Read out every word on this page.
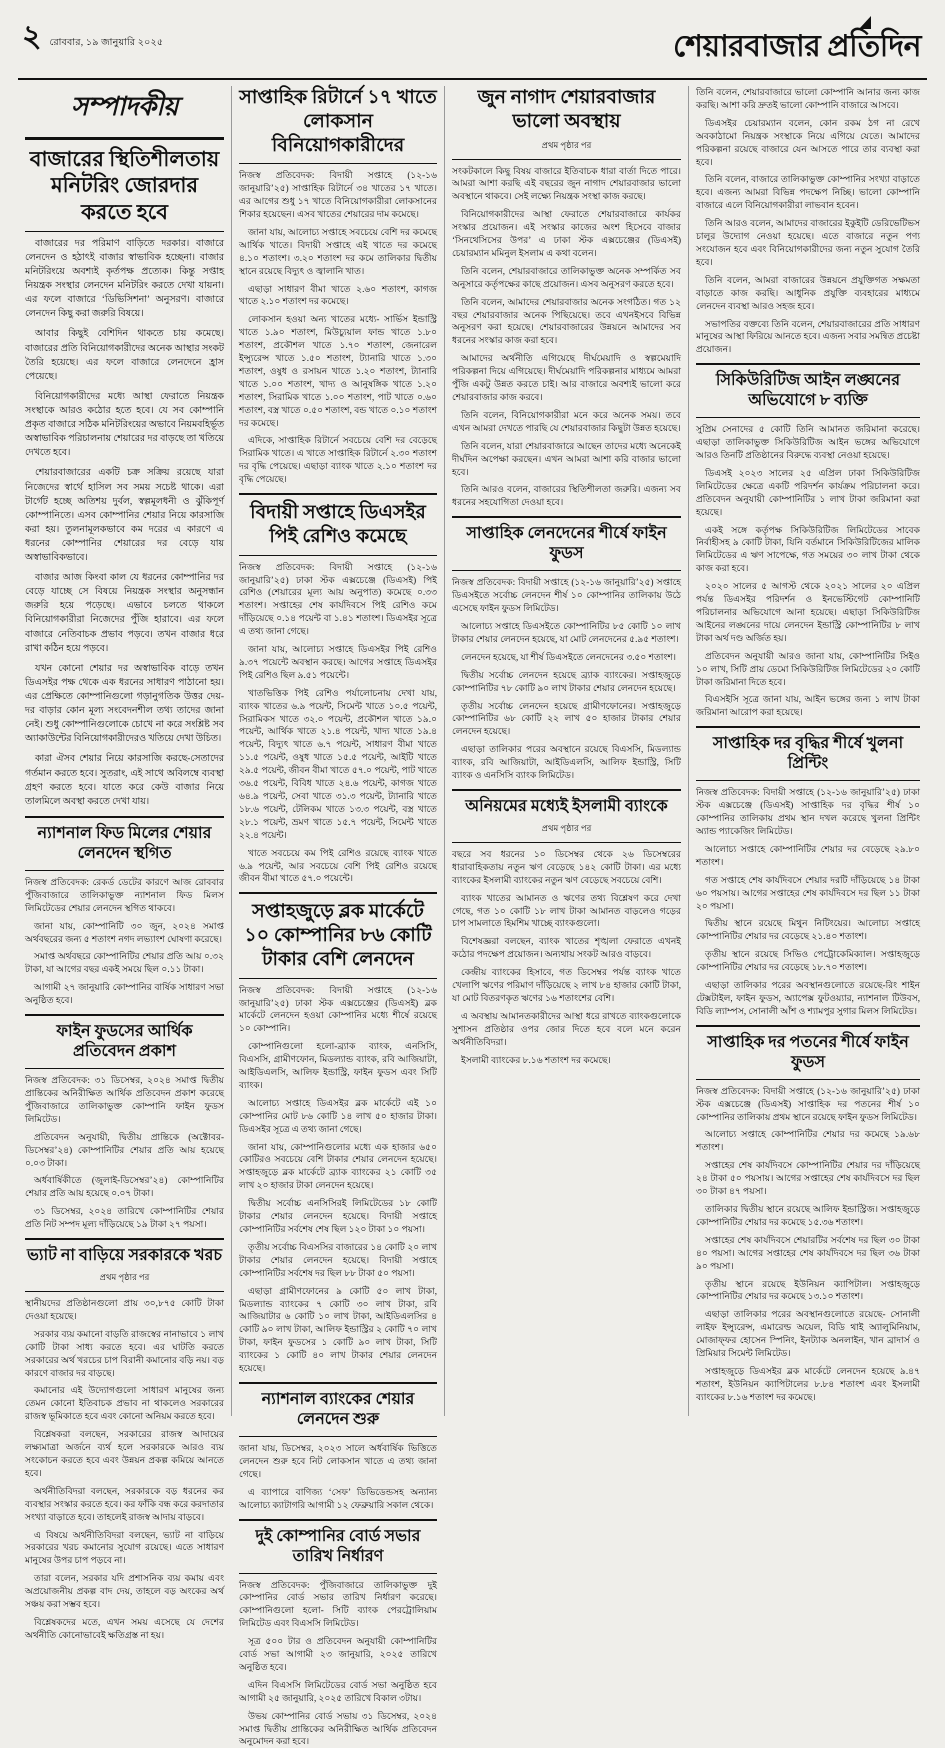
২ রোববার, ১৯ জানুয়ারি ২০২৫	শেয়ারবাজার প্রতিদিন
সম্পাদকীয়
বাজারের স্থিতিশীলতায় মনিটরিং জোরদার করতে হবে

বাজারের দর পরিমাণ বাড়িতে দরকার। বাজারে লেনদেন ও হঠাৎই বাজার স্বাভাবিক হচ্ছেনা। বাজার মনিটরিংয়ে অবশ্যই ‍কৃর্তপক্ষ প্রত্যেক। কিন্তু সপ্তাহ নিয়ন্ত্রক সংস্থার লেনদেন মনিটরিং করতে দেখা যায়না। এর ফলে বাজারে ‘ডিভিসিশনা’ অনুসরণ। বাজারে লেনদেন কিছু করা জরুরি বিষয়ে।

আবার কিছুই বেশিদিন থাকতে চায় কমেছে। বাজারের প্রতি বিনিয়োগকারীদের অনেক আস্থার সংকট তৈরি হয়েছে। এর ফলে বাজারে লেনদেনে হ্রাস পেয়েছে।

বিনিয়োগকারীদের মধ্যে আস্থা ফেরাতে নিয়ন্ত্রক সংস্থাকে আরও কঠোর হতে হবে। যে সব কোম্পানি প্রকৃত বাজারে সঠিক মনিটরিংয়ের অভাবে নিয়মবহির্ভূত অস্বাভাবিক পরিচালনায় শেয়ারের দর বাড়ছে তা খতিয়ে দেখতে হবে।

শেয়ারবাজারের একটি চক্র সক্রিয় রয়েছে যারা নিজেদের স্বার্থে হাসিল সব সময় সচেষ্ট থাকে। এরা টার্গেট হচ্ছে অতিশয় দুর্বল, স্বল্পমূলধনী ও ঝুঁকিপূর্ণ কোম্পানিতে। এসব কোম্পানির শেয়ার নিয়ে কারসাজি করা হয়। তুলনামূলকভাবে কম দরের এ কারণে এ ধরনের কোম্পানির শেয়ারের দর বেড়ে যায় অস্বাভাবিকভাবে।

বাজার আজ কিংবা কাল যে ধরনের কোম্পানির দর বেড়ে যাচ্ছে সে বিষয়ে নিয়ন্ত্রক সংস্থার অনুসন্ধান জরুরি হয়ে পড়েছে। এভাবে চলতে থাকলে বিনিয়োগকারীরা নিজেদের পুঁজি হারাবে। এর ফলে বাজারে নেতিবাচক প্রভাব পড়বে। তখন বাজার ধরে রাখা কঠিন হয়ে পড়বে।

যখন কোনো শেয়ার দর অস্বাভাবিক বাড়ে তখন ডিএসইর পক্ষ থেকে এক ধরনের সাধারণ পাঠানো হয়। এর প্রেক্ষিতে কোম্পানিগুলো গড়ানুগতিক উত্তর দেয়-দর বাড়ার কোন মূল্য সংবেদনশীল তথ্য তাদের জানা নেই। শুধু কোম্পানিগুলোকে চোখে না করে সংশ্লিষ্ট সব অ্যাকাউন্টের বিনিয়োগকারীদেরও খতিয়ে দেখা উচিত।

কারা ঐসব শেয়ার নিয়ে কারসাজি করছে-সেতাদের গর্তমান করতে হবে। সুতরাং, এই সাথে অবিলম্বে ব্যবস্থা গ্রহণ করতে হবে। যাতে করে কেউ বাজার নিয়ে তালমিলে অবস্থা করতে দেখা যায়।

ন্যাশনাল ফিড মিলের শেয়ার লেনদেন স্থগিত

নিজস্ব প্রতিবেদক: রেকর্ড ডেটের কারণে আজ রোববার পুঁজিবাজারে তালিকাভুক্ত ন্যাশনাল ফিড মিলস লিমিটেডের শেয়ার লেনদেন স্থগিত থাকবে।

জানা যায়, কোম্পানিটি ৩০ জুন, ২০২৪ সমাপ্ত অর্থবছরের জন্য ৫ শতাংশ নগদ লভ্যাংশ ঘোষণা করেছে।

সমাপ্ত অর্থবছরে কোম্পানিটির শেয়ার প্রতি আয় ০.৩২ টাকা, যা আগের বছর একই সময়ে ছিল ০.১১ টাকা।

আগামী ২৭ জানুয়ারি কোম্পানির বার্ষিক সাধারণ সভা অনুষ্ঠিত হবে।

ফাইন ফুডসের আর্থিক প্রতিবেদন প্রকাশ

নিজস্ব প্রতিবেদক: ৩১ ডিসেম্বর, ২০২৪ সমাপ্ত দ্বিতীয় প্রান্তিকের অনিরীক্ষিত আর্থিক প্রতিবেদন প্রকাশ করেছে পুঁজিবাজারে তালিকাভুক্ত কোম্পানি ফাইন ফুডস লিমিটেড।

প্রতিবেদন অনুযায়ী, দ্বিতীয় প্রান্তিকে (অক্টোবর-ডিসেম্বর’২৪) কোম্পানিটির শেয়ার প্রতি আয় হয়েছে ০.০৩ টাকা।

অর্ধবার্ষিকীতে (জুলাই-ডিসেম্বর’২৪) কোম্পানিটির শেয়ার প্রতি আয় হয়েছে ০.০৭ টাকা।

৩১ ডিসেম্বর, ২০২৪ তারিখে কোম্পানিটির শেয়ার প্রতি নিট সম্পদ মূল্য দাঁড়িয়েছে ১৯ টাকা ২৭ পয়সা।

ভ্যাট না বাড়িয়ে সরকারকে খরচ
প্রথম পৃষ্ঠার পর

স্থানীয়দের প্রতিষ্ঠানগুলো প্রায় ৩০,৮৭৫ কোটি টাকা দেওয়া হয়েছে।

সরকার ব্যয় কমানো বাড়তি রাজস্বের নানাভাবে ১ লাখ কোটি টাকা সাধ্য করতে হবে। এর ঘাটতি করতে সরকারের অর্থ খরচের চাপ বিরানী কমানোর বড়ি নয়। বড় কারণে বাজার দর বাড়ছে।

কমানোর এই উদ্যোগগুলো সাধারণ মানুষের জন্য তেমন কোনো ইতিবাচক প্রভাব না থাকলেও সরকারের রাজস্ব ভূমিকাতে হবে এবং কোনো অনিয়ম করতে হবে।

বিশ্লেষকরা বলছেন, সরকারের রাজস্ব আদায়ের লক্ষ্যমাত্রা অর্জনে ব্যর্থ হলে সরকারকে আরও ব্যয় সংকোচন করতে হবে এবং উন্নয়ন প্রকল্প কমিয়ে আনতে হবে।

অর্থনীতিবিদরা বলছেন, সরকারকে বড় ধরনের কর ব্যবস্থার সংস্কার করতে হবে। কর ফাঁকি বন্ধ করে করদাতার সংখ্যা বাড়াতে হবে। তাহলেই রাজস্ব আদায় বাড়বে।

এ বিষয়ে অর্থনীতিবিদরা বলছেন, ভ্যাট না বাড়িয়ে সরকারের খরচ কমানোর সুযোগ রয়েছে। এতে সাধারণ মানুষের উপর চাপ পড়বে না।

তারা বলেন, সরকার যদি প্রশাসনিক ব্যয় কমায় এবং অপ্রয়োজনীয় প্রকল্প বাদ দেয়, তাহলে বড় অংকের অর্থ সঞ্চয় করা সম্ভব হবে।

বিশ্লেষকদের মতে, এখন সময় এসেছে যে দেশের অর্থনীতি কোনোভাবেই ক্ষতিগ্রস্ত না হয়।

সাপ্তাহিক রিটার্নে ১৭ খাতে লোকসান বিনিয়োগকারীদের

নিজস্ব প্রতিবেদক: বিদায়ী সপ্তাহে (১২-১৬ জানুয়ারি’২৫) সাপ্তাহিক রিটার্নে ৩৪ খাতের ১৭ খাতে। এর আগের ‌‌শুধু ১৭ খাতে বিনিয়োগকারীরা লোকসানের শিকার হয়েছেন। এসব খাতের শেয়ারের দাম কমেছে।

জানা যায়, আলোচ্য সপ্তাহে সবচেয়ে বেশি দর কমেছে আর্থিক খাতে। বিদায়ী সপ্তাহে এই খাতে দর কমেছে ৪.১০ শতাংশ। ৩.২০ শতাংশ দর কমে তালিকার দ্বিতীয় স্থানে রয়েছে বিদ্যুৎ ও জ্বালানি খাত।

এছাড়া সাধারণ বীমা খাতে ২.৬০ শতাংশ, কাগজ খাতে ২.১০ শতাংশ দর কমেছে।

লোকসান হওয়া অন্য খাতের মধ্যে- সার্ভিস ইন্ডাস্ট্রি খাতে ১.৯০ শতাংশ, মিউচ্যুয়াল ফান্ড খাতে ১.৮০ শতাংশ, প্রকৌশল খাতে ১.৭০ শতাংশ, জেনারেল ইন্স্যুরেন্স খাতে ১.৫০ শতাংশ, ট্যানারি খাতে ১.৩০ শতাংশ, ওষুধ ও রসায়ন খাতে ১.২০ শতাংশ, ট্যানারি খাতে ১.০০ শতাংশ, খাদ্য ও আনুষঙ্গিক খাতে ১.২০ শতাংশ, সিরামিক খাতে ১.০০ শতাংশ, পাট খাতে ০.৬০ শতাংশ, বস্ত্র খাতে ০.৫০ শতাংশ, বন্ড খাতে ০.১০ শতাংশ দর কমেছে।

এদিকে, সাপ্তাহিক রিটার্নে সবচেয়ে বেশি দর বেড়েছে সিরামিক খাতে। এ খাতে সাপ্তাহিক রিটার্নে ২.৩০ শতাংশ দর বৃদ্ধি পেয়েছে। এছাড়া ব্যাংক খাতে ২.১০ শতাংশ দর বৃদ্ধি পেয়েছে।

বিদায়ী সপ্তাহে ডিএসইর পিই রেশিও কমেছে

নিজস্ব প্রতিবেদক: বিদায়ী সপ্তাহে (১২-১৬ জানুয়ারি’২৫) ঢাকা স্টক এক্সচেঞ্জে (ডিএসই) পিই রেশিও (শেয়ারের মূল্য আয় অনুপাত) কমেছে ০.৩৩ শতাংশ। সপ্তাহের শেষ কার্যদিবসে পিই রেশিও কমে দাঁড়িয়েছে ০.১৪ পয়েন্ট বা ১.৪১ শতাংশ। ডিএসইর সূত্রে এ তথ্য জানা গেছে।

জানা যায়, আলোচ্য সপ্তাহে ডিএসইর পিই রেশিও ৯.৩৭ পয়েন্টে অবস্থান করছে। আগের সপ্তাহে ডিএসইর পিই রেশিও ছিল ৯.৫১ পয়েন্টে।

খাতভিত্তিক পিই রেশিও পর্যালোচনায় দেখা যায়, ব্যাংক খাতের ৬.৯ পয়েন্ট, সিমেন্ট খাতে ১০.৫ পয়েন্ট, সিরামিকস খাতে ৩২.০ পয়েন্ট, প্রকৌশল খাতে ১৯.০ পয়েন্ট, আর্থিক খাতে ২১.৪ পয়েন্ট, খাদ্য খাতে ১৯.৪ পয়েন্ট, বিদ্যুৎ খাতে ৬.৭ পয়েন্ট, সাধারণ বীমা খাতে ১১.৫ পয়েন্ট, ওষুধ খাতে ১৫.৫ পয়েন্ট, আইটি খাতে ২৯.৫ পয়েন্ট, জীবন বীমা খাতে ৫৭.০ পয়েন্ট, পাট খাতে ৩৬.৫ পয়েন্ট, বিবিধ খাতে ২৪.৬ পয়েন্ট, কাগজ খাতে ৬৪.৯ পয়েন্ট, সেবা খাতে ৩১.৩ পয়েন্ট, ট্যানারি খাতে ১৮.৬ পয়েন্ট, টেলিকম খাতে ১৩.৩ পয়েন্ট, বস্ত্র খাতে ২৮.১ পয়েন্ট, ভ্রমণ খাতে ১৫.৭ পয়েন্ট, সিমেন্ট খাতে ২২.৪ পয়েন্ট।

খাতে সবচেয়ে কম পিই রেশিও রয়েছে ব্যাংক খাতে ৬.৯ পয়েন্ট, আর সবচেয়ে বেশি পিই রেশিও রয়েছে জীবন বীমা খাতে ৫৭.০ পয়েন্টে।

সপ্তাহজুড়ে ব্লক মার্কেটে ১০ কোম্পানির ৮৬ কোটি টাকার বেশি লেনদেন

নিজস্ব প্রতিবেদক: বিদায়ী সপ্তাহে (১২-১৬ জানুয়ারি’২৫) ঢাকা স্টক এক্সচেঞ্জের (ডিএসই) ব্লক মার্কেটে লেনদেন হওয়া কোম্পানির মধ্যে শীর্ষে রয়েছে ১০ কোম্পানি।

কোম্পানিগুলো হলো-ব্র্যাক ব্যাংক, এনসিসি, বিএসসি, গ্রামীণফোন, মিডল্যান্ড ব্যাংক, রবি আজিয়াটা, আইডিএলসি, আলিফ ইন্ডাস্ট্রি, ফাইন ফুডস এবং সিটি ব্যাংক।

আলোচ্য সপ্তাহে ডিএসইর ব্লক মার্কেটে এই ১০ কোম্পানির মোট ৮৬ কোটি ১৪ লাখ ৫০ হাজার টাকা। ডিএসইর সূত্রে এ তথ্য জানা গেছে।

জানা যায়, কোম্পানিগুলোর মধ্যে এক হাজার ৬৫০ কোটিরও সবচেয়ে বেশি টাকার শেয়ার লেনদেন হয়েছে। সপ্তাহজুড়ে ব্লক মার্কেটে ব্র্যাক ব্যাংকের ২১ কোটি ৩৫ লাখ ২০ হাজার টাকা লেনদেন হয়েছে।

দ্বিতীয় সর্বোচ্চ এনসিসিরই লিমিটেডের ১৮ কোটি টাকার শেয়ার লেনদেন হয়েছে। বিদায়ী সপ্তাহে কোম্পানিটির সর্বশেষ শেষ ছিল ১২০ টাকা ১০ পয়সা।

তৃতীয় সর্বোচ্চ বিএসসির বাজারের ১৪ কোটি ২০ লাখ টাকার শেয়ার লেনদেন হয়েছে। বিদায়ী সপ্তাহে কোম্পানিটির সর্বশেষ দর ছিল ৮৮ টাকা ৫০ পয়সা।

এছাড়া গ্রামীণফোনের ৯ কোটি ৫০ লাখ টাকা, মিডল্যান্ড ব্যাংকের ৭ কোটি ৩০ লাখ টাকা, রবি আজিয়াটার ৬ কোটি ১০ লাখ টাকা, আইডিএলসির ৪ কোটি ৯০ লাখ টাকা, আলিফ ইন্ডাস্ট্রির ২ কোটি ৭০ লাখ টাকা, ফাইন ফুডসের ১ কোটি ৯০ লাখ টাকা, সিটি ব্যাংকের ১ কোটি ৪০ লাখ টাকার শেয়ার লেনদেন হয়েছে।

ন্যাশনাল ব্যাংকের শেয়ার লেনদেন শুরু

জানা যায়, ডিসেম্বর, ২০২৩ সালে অর্ধবার্ষিক ভিত্তিতে লেনদেন শুরু হবে ‍‍নিট লোকসান খাতে এ তথ্য জানা গেছে।

এ ব্যাপারে বাণিজ্য ‘সেফ’ ডিভিডেন্ডসহ অন্যান্য আলোচ্য ক্যাটাগরি আগামী ১২ ফেব্রুয়ারি সকাল থেকে।

দুই কোম্পানির বোর্ড সভার তারিখ নির্ধারণ

নিজস্ব প্রতিবেদক: পুঁজিবাজারে তালিকাভুক্ত দুই কোম্পানির বোর্ড সভার তারিখ নির্ধারণ করেছে। কোম্পানিগুলো হলো- সিটি ব্যাংক পেরট্রোলিয়াম লিমিটেড এবং বিএসসি লিমিটেড।

সূত্র ৫০০ টার ও প্রতিবেদন অনুযায়ী কোম্পানিটির বোর্ড সভা আগামী ২৩ জানুয়ারি, ২০২৫ তারিখে অনুষ্ঠিত হবে।

এদিন বিএসসি লিমিটেডের বোর্ড সভা অনুষ্ঠিত হবে আগামী ২৫ জানুয়ারি, ২০২৫ তারিখে বিকাল ৩টায়।

উভয় কোম্পানির বোর্ড সভায় ৩১ ডিসেম্বর, ২০২৪ সমাপ্ত দ্বিতীয় প্রান্তিকের অনিরীক্ষিত আর্থিক প্রতিবেদন অনুমোদন করা হবে।

জুন নাগাদ শেয়ারবাজার ভালো অবস্থায়
প্রথম পৃষ্ঠার পর

সংকটকালে কিছু বিষয় বাজারে ইতিবাচক ধারা বার্তা দিতে পারে। আমরা আশা করছি এই বছরের জুন নাগাদ শেয়ারবাজার ভালো অবস্থানে থাকবে। সেই লক্ষ্যে নিয়ন্ত্রক সংস্থা কাজ করছে।

বিনিয়োগকারীদের আস্থা ফেরাতে শেয়ারবাজারে কার্যকর সংস্কার প্রয়োজন। এই সংস্কার কাজের অংশ হিসেবে বাজার ‘সিনথেসিসের উপর’ এ ঢাকা স্টক এক্সচেঞ্জের (ডিএসই) চেয়ারম্যান মমিনুল ইসলাম এ কথা বলেন।

তিনি বলেন, শেয়ারবাজারে তালিকাভুক্ত অনেক সম্পর্কিত সব অনুসারে কর্তৃপক্ষের কাছে প্রয়োজন। এসব অনুসরণ করতে হবে।

তিনি বলেন, আমাদের শেয়ারবাজার অনেক সংগঠিত। গত ১২ বছর শেয়ারবাজার অনেক পিছিয়েছে। তবে এখনইসবে বিভিন্ন অনুসরণ করা হয়েছে। শেয়ারবাজারের উন্নয়নে আমাদের সব ধরনের সংস্কার কাজ করা হবে।

আমাদের অর্থনীতি এগিয়েছে দীর্ঘমেয়াদি ও স্বল্পমেয়াদি পরিকল্পনা দিয়ে এগিয়েছে। দীর্ঘমেয়াদি পরিকল্পনার মাধ্যমে আমরা পুঁজি একটু উন্নত করতে চাই। আর বাজারে অবশ্যই ভালো করে শেয়ারবাজার কাজ করবে।

তিনি বলেন, বিনিয়োগকারীরা মনে করে অনেক সময়। তবে এখন আমরা দেখতে পারছি যে শেয়ারবাজার কিছুটা উন্নত হয়েছে।

তিনি বলেন, যারা শেয়ারবাজারে আছেন তাদের মধ্যে অনেকেই দীর্ঘদিন অপেক্ষা করছেন। এখন আমরা আশা করি বাজার ভালো হবে।

তিনি আরও বলেন, বাজারের স্থিতিশীলতা জরুরি। এজন্য সব ধরনের সহযোগিতা দেওয়া হবে।

সাপ্তাহিক লেনদেনের শীর্ষে ফাইন ফুডস

নিজস্ব প্রতিবেদক: বিদায়ী সপ্তাহে (১২-১৬ জানুয়ারি’২৫) সপ্তাহে ডিএসইতে সর্বোচ্চ লেনদেন শীর্ষ ১০ কোম্পানির তালিকায় উঠে এসেছে ফাইন ফুডস লিমিটেড।

আলোচ্য সপ্তাহে ডিএসইতে কোম্পানিটির ৮৫ কোটি ১০ লাখ টাকার শেয়ার লেনদেন হয়েছে, যা মোট লেনদেনের ৫.৯৫ শতাংশ।

লেনদেন হয়েছে, যা শীর্ষ ডিএসইতে লেনদেনের ৩.৫০ শতাংশ।

দ্বিতীয় সর্বোচ্চ লেনদেন হয়েছে ব্র্যাক ব্যাংকের। সপ্তাহজুড়ে কোম্পানিটির ৭৮ কোটি ৯০ লাখ টাকার শেয়ার লেনদেন হয়েছে।

তৃতীয় সর্বোচ্চ লেনদেন হয়েছে গ্রামীণফোনের। সপ্তাহজুড়ে কোম্পানিটির ৬৮ কোটি ২২ লাখ ৫০ হাজার টাকার শেয়ার লেনদেন হয়েছে।

এছাড়া তালিকার পরের অবস্থানে রয়েছে বিএসসি, মিডল্যান্ড ব্যাংক, রবি আজিয়াটা, আইডিএলসি, আলিফ ইন্ডাস্ট্রি, সিটি ব্যাংক ও এনসিসি ব্যাংক লিমিটেড।

অনিয়মের মধ্যেই ইসলামী ব্যাংকে
প্রথম পৃষ্ঠার পর

বছরে সব ধরনের ১০ ডিসেম্বর থেকে ২৬ ডিসেম্বরের ধারাবাহিকতায় নতুন ঋণ বেড়েছে ১৪২ কোটি টাকা। এর মধ্যে ব্যাংকের ইসলামী ব্যাংকের নতুন ঋণ বেড়েছে সবচেয়ে বেশি।

ব্যাংক খাতের আমানত ও ঋণের তথ্য বিশ্লেষণ করে দেখা গেছে, গত ১০ কোটি ১৮ লাখ টাকা আমানত বাড়লেও গড়ের চাপ সামলাতে হিমশিম খাচ্ছে ব্যাংকগুলো।

বিশেষজ্ঞরা বলছেন, ব্যাংক খাতের শৃঙ্খলা ফেরাতে এখনই কঠোর পদক্ষেপ প্রয়োজন। অন্যথায় সংকট আরও বাড়বে।

কেন্দ্রীয় ব্যাংকের হিসাবে, গত ডিসেম্বর পর্যন্ত ব্যাংক খাতে খেলাপি ঋণের পরিমাণ দাঁড়িয়েছে ২ লাখ ৮৪ হাজার কোটি টাকা, যা মোট বিতরণকৃত ঋণের ১৬ শতাংশের বেশি।

এ অবস্থায় আমানতকারীদের আস্থা ধরে রাখতে ব্যাংকগুলোকে সুশাসন প্রতিষ্ঠার ওপর জোর দিতে হবে বলে মনে করেন অর্থনীতিবিদরা।

ইসলামী ব্যাংকের ৮.১৬ শতাংশ দর কমেছে।

তিনি বলেন, শেয়ারবাজারে ভালো কোম্পানি আনার জন্য কাজ করছি। আশা করি দ্রুতই ভালো কোম্পানি বাজারে আসবে।

ডিএসইর চেয়ারম্যান বলেন, কোন রকম ঠগ না রেখে অবকাঠামো নিয়ন্ত্রক সংস্থাকে নিয়ে এগিয়ে যেতে। আমাদের পরিকল্পনা রয়েছে বাজারে যেন আসতে পারে তার ব্যবস্থা করা হবে।

তিনি বলেন, বাজারে তালিকাভুক্ত কোম্পানির সংখ্যা বাড়াতে হবে। এজন্য আমরা বিভিন্ন পদক্ষেপ নিচ্ছি। ভালো কোম্পানি বাজারে এলে বিনিয়োগকারীরা লাভবান হবেন।

তিনি আরও বলেন, আমাদের বাজারের ইকুইটি ডেরিভেটিভস চালুর উদ্যোগ নেওয়া হয়েছে। এতে বাজারে নতুন পণ্য সংযোজন হবে এবং বিনিয়োগকারীদের জন্য নতুন সুযোগ তৈরি হবে।

তিনি বলেন, আমরা বাজারের উন্নয়নে প্রযুক্তিগত সক্ষমতা বাড়াতে কাজ করছি। আধুনিক প্রযুক্তি ব্যবহারের মাধ্যমে লেনদেন ব্যবস্থা আরও সহজ হবে।

সভাপতির বক্তব্যে তিনি বলেন, শেয়ারবাজারের প্রতি সাধারণ মানুষের আস্থা ফিরিয়ে আনতে হবে। এজন্য সবার সমন্বিত প্রচেষ্টা প্রয়োজন।

সিকিউরিটিজ আইন লঙ্ঘনের অভিযোগে ৮ ব্যক্তি

সুপ্রিম সেনাদের ৫ কোটি তিনি আমানত জরিমানা করেছে। এছাড়া তালিকাভুক্ত সিকিউরিটিজ আইন ভঙ্গের অভিযোগে আরও তিনটি প্রতিষ্ঠানের বিরুদ্ধে ব্যবস্থা নেওয়া হয়েছে।

ডিএসই ২০২৩ সালের ২৫ এপ্রিল ঢাকা সিকিউরিটিজ লিমিটেডের ক্ষেত্রে একটি পরিদর্শন কার্যক্রম পরিচালনা করে। প্রতিবেদন অনুযায়ী কোম্পানিটির ১ লাখ টাকা জরিমানা করা হয়েছে।

একই সঙ্গে কর্তৃপক্ষ সিকিউরিটিজ লিমিটেডের সাবেক নির্বাহীসহ ৯ কোটি টাকা, যিনি বর্তমানে সিকিউরিটিজের মালিক লিমিটেডের এ ঋণ সাপেক্ষে, গত সময়ের ৩০ লাখ টাকা থেকে কাজ করা হবে।

২০২০ সালের ৫ আগস্ট থেকে ২০২১ সালের ২০ এপ্রিল পর্যন্ত ডিএসইর পরিদর্শন ও ইনভেস্টিগেট কোম্পানিটি পরিচালনার অভিযোগে আনা হয়েছে। এছাড়া সিকিউরিটিজ আইনের লঙ্ঘনের দায়ে লেনদেন ইন্ডাস্ট্রি কোম্পানিটির ৮ লাখ টাকা অর্থ দণ্ড অর্জিত হয়।

প্রতিবেদন অনুযায়ী আরও জানা যায়, কোম্পানিটির সিইও ১০ লাখ, সিটি প্রায় ডেমো সিকিউরিটিজ লিমিটেডের ২০ কোটি টাকা জরিমানা দিতে হবে।

বিএসইসি সূত্রে জানা যায়, আইন ভঙ্গের জন্য ১ লাখ টাকা জরিমানা আরোপ করা হয়েছে।

সাপ্তাহিক দর বৃদ্ধির শীর্ষে খুলনা প্রিন্টিং

নিজস্ব প্রতিবেদক: বিদায়ী সপ্তাহে (১২-১৬ জানুয়ারি’২৫) ঢাকা স্টক এক্সচেঞ্জে (ডিএসই) সাপ্তাহিক দর বৃদ্ধির শীর্ষ ১০ কোম্পানির তালিকায় প্রথম স্থান দখল করেছে খুলনা প্রিন্টিং অ্যান্ড প্যাকেজিং লিমিটেড।

আলোচ্য সপ্তাহে কোম্পানিটির শেয়ার দর বেড়েছে ২৯.৮০ শতাংশ।

গত সপ্তাহে শেষ কার্যদিবসে শেয়ার দরটি দাঁড়িয়েছে ১৪ টাকা ৬০ পয়সায়। আগের সপ্তাহের শেষ কার্যদিবসে দর ছিল ১১ টাকা ২০ পয়সা।

দ্বিতীয় স্থানে রয়েছে মিথুন নিটিংয়ের। আলোচ্য সপ্তাহে কোম্পানিটির শেয়ার দর বেড়েছে ২১.৪০ শতাংশ।

তৃতীয় স্থানে রয়েছে সিভিও পেট্রোকেমিক্যাল। সপ্তাহজুড়ে কোম্পানিটির শেয়ার দর বেড়েছে ১৮.৭০ শতাংশ।

এছাড়া তালিকার পরের অবস্থানগুলোতে রয়েছে-রিং শাইন টেক্সটাইল, ফাইন ফুডস, অ্যাপেক্স ফুটওয়্যার, ন্যাশনাল টিউবস, বিডি ল্যাম্পস, সোনালী আঁশ ও শ্যামপুর সুগার মিলস লিমিটেড।

সাপ্তাহিক দর পতনের শীর্ষে ফাইন ফুডস

নিজস্ব প্রতিবেদক: বিদায়ী সপ্তাহে (১২-১৬ জানুয়ারি’২৫) ঢাকা স্টক এক্সচেঞ্জে (ডিএসই) সাপ্তাহিক দর পতনের শীর্ষ ১০ কোম্পানির তালিকায় প্রথম স্থানে রয়েছে ফাইন ফুডস লিমিটেড।

আলোচ্য সপ্তাহে কোম্পানিটির শেয়ার দর কমেছে ১৯.৬৮ শতাংশ।

সপ্তাহের শেষ কার্যদিবসে কোম্পানিটির শেয়ার দর দাঁড়িয়েছে ২৪ টাকা ৫০ পয়সায়। আগের সপ্তাহের শেষ কার্যদিবসে দর ছিল ৩০ টাকা ৪৭ পয়সা।

তালিকার দ্বিতীয় স্থানে রয়েছে আলিফ ইন্ডাস্ট্রিজ। সপ্তাহজুড়ে কোম্পানিটির শেয়ার দর কমেছে ১৫.৩৬ শতাংশ।

সপ্তাহের শেষ কার্যদিবসে শেয়ারটির সর্বশেষ দর ছিল ৩০ টাকা ৪০ পয়সা। আগের সপ্তাহের শেষ কার্যদিবসে দর ছিল ৩৬ টাকা ৯০ পয়সা।

তৃতীয় স্থানে রয়েছে ইউনিয়ন ক্যাপিটাল। সপ্তাহজুড়ে কোম্পানিটির শেয়ার দর কমেছে ১৩.১০ শতাংশ।

এছাড়া তালিকার পরের অবস্থানগুলোতে রয়েছে- সোনালী লাইফ ইন্স্যুরেন্স, এমারেল্ড অয়েল, বিডি থাই অ্যালুমিনিয়াম, মোজাফ্‌ফর হোসেন স্পিনিং, ইনট্যাক অনলাইন, খান ব্রাদার্স ও প্রিমিয়ার সিমেন্ট লিমিটেড।

সপ্তাহজুড়ে ডিএসইর ব্লক মার্কেটে লেনদেন হয়েছে ৯.৪৭ শতাংশ, ইউনিয়ন ক্যাপিটালের ৮.৮৪ শতাংশ এবং ইসলামী ব্যাংকের ৮.১৬ শতাংশ দর কমেছে।
